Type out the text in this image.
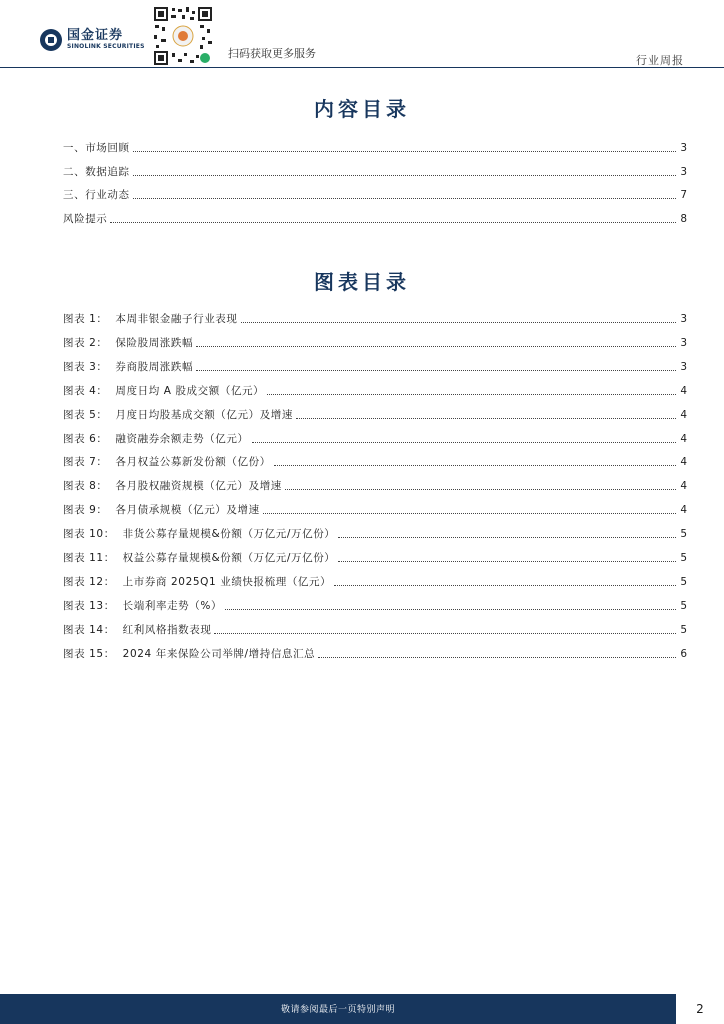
国金证券
SINOLINK SECURITIES
扫码获取更多服务
行业周报
内容目录
一、市场回顾	3
二、数据追踪	3
三、行业动态	7
风险提示	8
图表目录
图表 1：  本周非银金融子行业表现	3
图表 2：  保险股周涨跌幅	3
图表 3：  券商股周涨跌幅	3
图表 4：  周度日均 A 股成交额（亿元）	4
图表 5：  月度日均股基成交额（亿元）及增速	4
图表 6：  融资融券余额走势（亿元）	4
图表 7：  各月权益公募新发份额（亿份）	4
图表 8：  各月股权融资规模（亿元）及增速	4
图表 9：  各月债承规模（亿元）及增速	4
图表 10：  非货公募存量规模&份额（万亿元/万亿份）	5
图表 11：  权益公募存量规模&份额（万亿元/万亿份）	5
图表 12：  上市券商 2025Q1 业绩快报梳理（亿元）	5
图表 13：  长端利率走势（%）	5
图表 14：  红利风格指数表现	5
图表 15：  2024 年来保险公司举牌/增持信息汇总	6
敬请参阅最后一页特别声明	2
